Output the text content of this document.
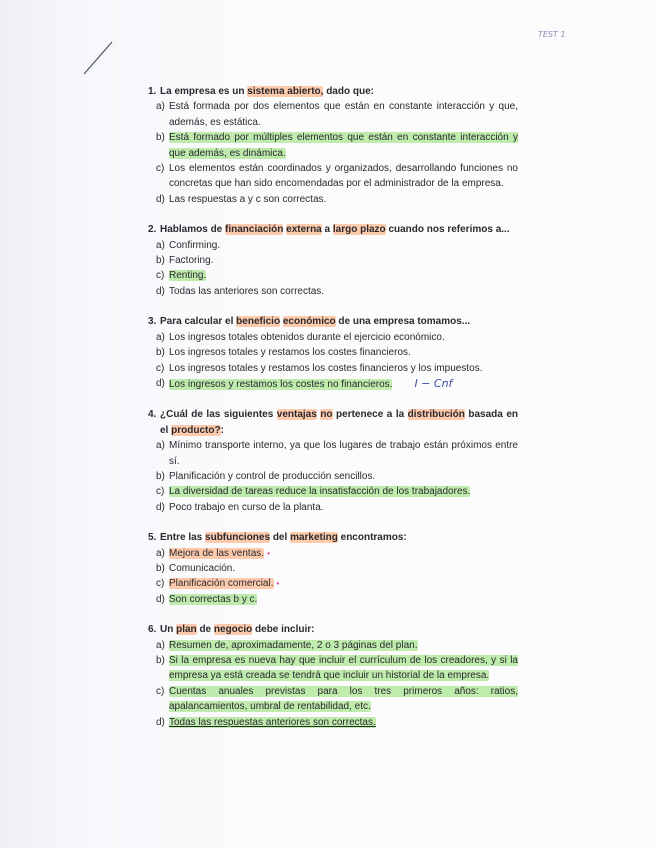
TEST 1
1. La empresa es un sistema abierto, dado que:
a) Está formada por dos elementos que están en constante interacción y que, además, es estática.
b) Está formado por múltiples elementos que están en constante interacción y que además, es dinámica.
c) Los elementos están coordinados y organizados, desarrollando funciones no concretas que han sido encomendadas por el administrador de la empresa.
d) Las respuestas a y c son correctas.
2. Hablamos de financiación externa a largo plazo cuando nos referimos a...
a) Confirming.
b) Factoring.
c) Renting.
d) Todas las anteriores son correctas.
3. Para calcular el beneficio económico de una empresa tomamos...
a) Los ingresos totales obtenidos durante el ejercicio económico.
b) Los ingresos totales y restamos los costes financieros.
c) Los ingresos totales y restamos los costes financieros y los impuestos.
d) Los ingresos y restamos los costes no financieros. I − Cnf
4. ¿Cuál de las siguientes ventajas no pertenece a la distribución basada en el producto?:
a) Mínimo transporte interno, ya que los lugares de trabajo están próximos entre sí.
b) Planificación y control de producción sencillos.
c) La diversidad de tareas reduce la insatisfacción de los trabajadores.
d) Poco trabajo en curso de la planta.
5. Entre las subfunciones del marketing encontramos:
a) Mejora de las ventas. •
b) Comunicación.
c) Planificación comercial. •
d) Son correctas b y c.
6. Un plan de negocio debe incluir:
a) Resumen de, aproximadamente, 2 o 3 páginas del plan.
b) Si la empresa es nueva hay que incluir el currículum de los creadores, y si la empresa ya está creada se tendrá que incluir un historial de la empresa.
c) Cuentas anuales previstas para los tres primeros años: ratios, apalancamientos, umbral de rentabilidad, etc.
d) Todas las respuestas anteriores son correctas.
